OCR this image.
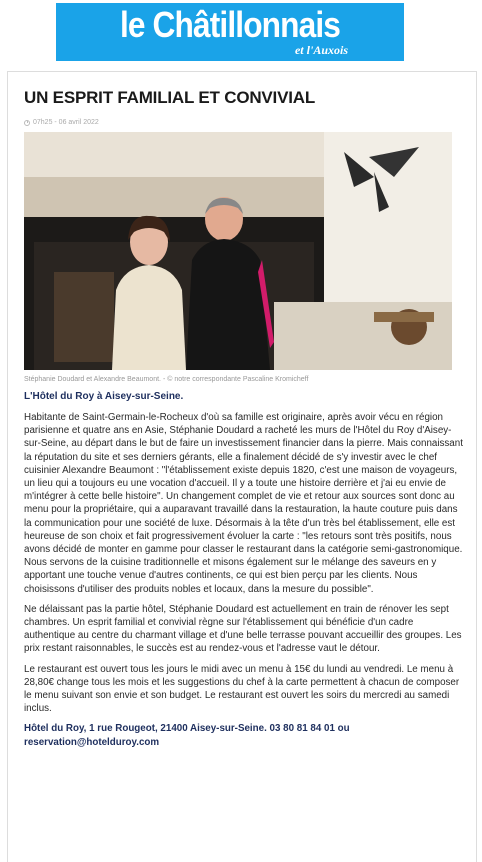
le Châtillonnais
et l'Auxois
UN ESPRIT FAMILIAL ET CONVIVIAL
07h25 - 06 avril 2022
Stéphanie Doudard et Alexandre Beaumont. - © notre correspondante Pascaline Kromicheff

L'Hôtel du Roy à Aisey-sur-Seine.

Habitante de Saint-Germain-le-Rocheux d'où sa famille est originaire, après avoir vécu en région parisienne et quatre ans en Asie, Stéphanie Doudard a racheté les murs de l'Hôtel du Roy d'Aisey-sur-Seine, au départ dans le but de faire un investissement financier dans la pierre. Mais connaissant la réputation du site et ses derniers gérants, elle a finalement décidé de s'y investir avec le chef cuisinier Alexandre Beaumont : "l'établissement existe depuis 1820, c'est une maison de voyageurs, un lieu qui a toujours eu une vocation d'accueil. Il y a toute une histoire derrière et j'ai eu envie de m'intégrer à cette belle histoire". Un changement complet de vie et retour aux sources sont donc au menu pour la propriétaire, qui a auparavant travaillé dans la restauration, la haute couture puis dans la communication pour une société de luxe. Désormais à la tête d'un très bel établissement, elle est heureuse de son choix et fait progressivement évoluer la carte : "les retours sont très positifs, nous avons décidé de monter en gamme pour classer le restaurant dans la catégorie semi-gastronomique. Nous servons de la cuisine traditionnelle et misons également sur le mélange des saveurs en y apportant une touche venue d'autres continents, ce qui est bien perçu par les clients. Nous choisissons d'utiliser des produits nobles et locaux, dans la mesure du possible".

Ne délaissant pas la partie hôtel, Stéphanie Doudard est actuellement en train de rénover les sept chambres. Un esprit familial et convivial règne sur l'établissement qui bénéficie d'un cadre authentique au centre du charmant village et d'une belle terrasse pouvant accueillir des groupes. Les prix restant raisonnables, le succès est au rendez-vous et l'adresse vaut le détour.

Le restaurant est ouvert tous les jours le midi avec un menu à 15€ du lundi au vendredi. Le menu à 28,80€ change tous les mois et les suggestions du chef à la carte permettent à chacun de composer le menu suivant son envie et son budget. Le restaurant est ouvert les soirs du mercredi au samedi inclus.

Hôtel du Roy, 1 rue Rougeot, 21400 Aisey-sur-Seine. 03 80 81 84 01 ou reservation@hotelduroy.com
